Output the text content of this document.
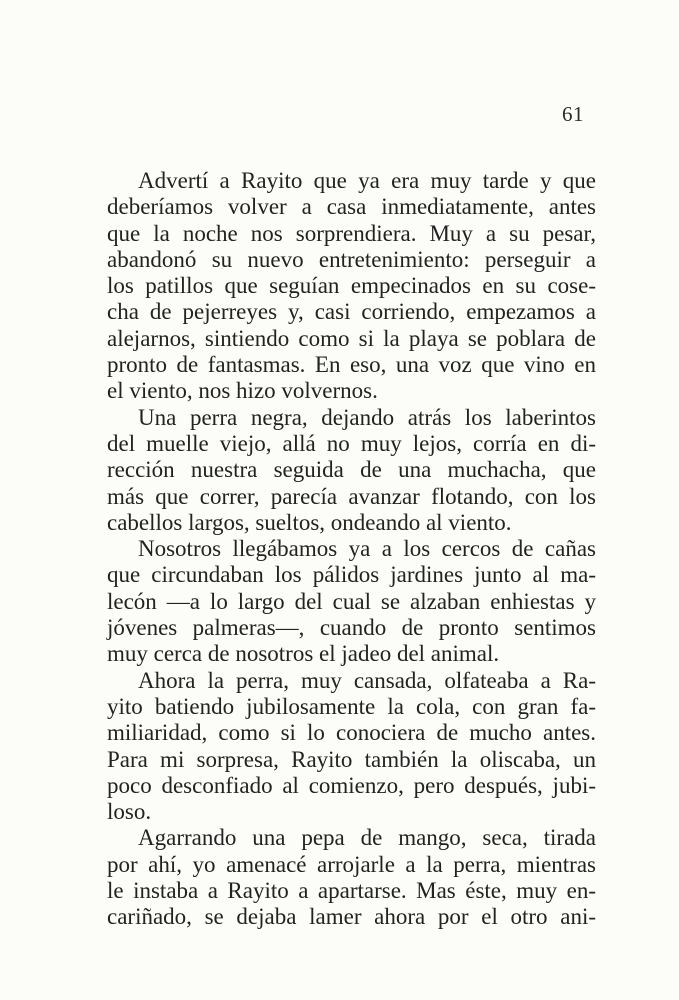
61
Advertí a Rayito que ya era muy tarde y que
deberíamos volver a casa inmediatamente, antes
que la noche nos sorprendiera. Muy a su pesar,
abandonó su nuevo entretenimiento: perseguir a
los patillos que seguían empecinados en su cose-
cha de pejerreyes y, casi corriendo, empezamos a
alejarnos, sintiendo como si la playa se poblara de
pronto de fantasmas. En eso, una voz que vino en
el viento, nos hizo volvernos.
Una perra negra, dejando atrás los laberintos
del muelle viejo, allá no muy lejos, corría en di-
rección nuestra seguida de una muchacha, que
más que correr, parecía avanzar flotando, con los
cabellos largos, sueltos, ondeando al viento.
Nosotros llegábamos ya a los cercos de cañas
que circundaban los pálidos jardines junto al ma-
lecón —a lo largo del cual se alzaban enhiestas y
jóvenes palmeras—, cuando de pronto sentimos
muy cerca de nosotros el jadeo del animal.
Ahora la perra, muy cansada, olfateaba a Ra-
yito batiendo jubilosamente la cola, con gran fa-
miliaridad, como si lo conociera de mucho antes.
Para mi sorpresa, Rayito también la oliscaba, un
poco desconfiado al comienzo, pero después, jubi-
loso.
Agarrando una pepa de mango, seca, tirada
por ahí, yo amenacé arrojarle a la perra, mientras
le instaba a Rayito a apartarse. Mas éste, muy en-
cariñado, se dejaba lamer ahora por el otro ani-
